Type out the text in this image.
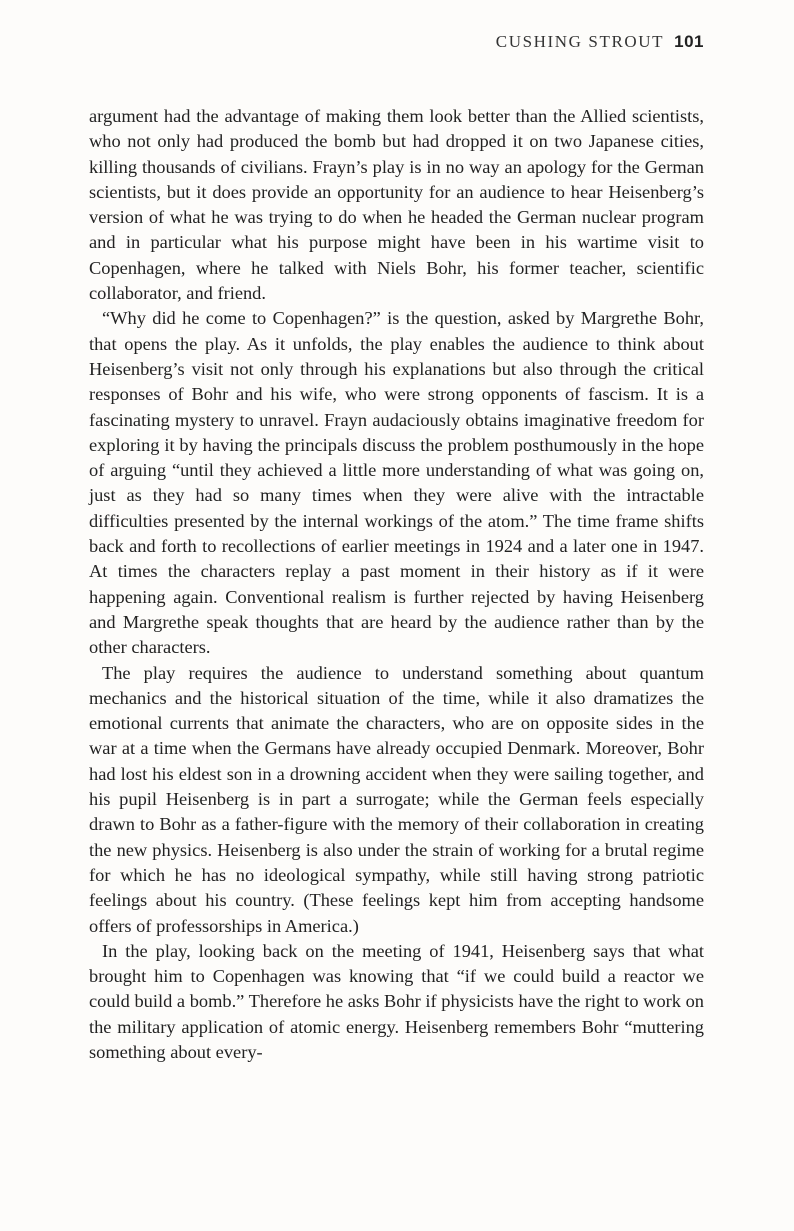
CUSHING STROUT 101

argument had the advantage of making them look better than the Allied scientists, who not only had produced the bomb but had dropped it on two Japanese cities, killing thousands of civilians. Frayn’s play is in no way an apology for the German scientists, but it does provide an opportunity for an audience to hear Heisenberg’s version of what he was trying to do when he headed the German nuclear program and in particular what his purpose might have been in his wartime visit to Copenhagen, where he talked with Niels Bohr, his former teacher, scientific collaborator, and friend.

“Why did he come to Copenhagen?” is the question, asked by Margrethe Bohr, that opens the play. As it unfolds, the play enables the audience to think about Heisenberg’s visit not only through his explanations but also through the critical responses of Bohr and his wife, who were strong opponents of fascism. It is a fascinating mystery to unravel. Frayn audaciously obtains imaginative freedom for exploring it by having the principals discuss the problem posthumously in the hope of arguing “until they achieved a little more understanding of what was going on, just as they had so many times when they were alive with the intractable difficulties presented by the internal workings of the atom.” The time frame shifts back and forth to recollections of earlier meetings in 1924 and a later one in 1947. At times the characters replay a past moment in their history as if it were happening again. Conventional realism is further rejected by having Heisenberg and Margrethe speak thoughts that are heard by the audience rather than by the other characters.

The play requires the audience to understand something about quantum mechanics and the historical situation of the time, while it also dramatizes the emotional currents that animate the characters, who are on opposite sides in the war at a time when the Germans have already occupied Denmark. Moreover, Bohr had lost his eldest son in a drowning accident when they were sailing together, and his pupil Heisenberg is in part a surrogate; while the German feels especially drawn to Bohr as a father-figure with the memory of their collaboration in creating the new physics. Heisenberg is also under the strain of working for a brutal regime for which he has no ideological sympathy, while still having strong patriotic feelings about his country. (These feelings kept him from accepting handsome offers of professorships in America.)

In the play, looking back on the meeting of 1941, Heisenberg says that what brought him to Copenhagen was knowing that “if we could build a reactor we could build a bomb.” Therefore he asks Bohr if physicists have the right to work on the military application of atomic energy. Heisenberg remembers Bohr “muttering something about every-
